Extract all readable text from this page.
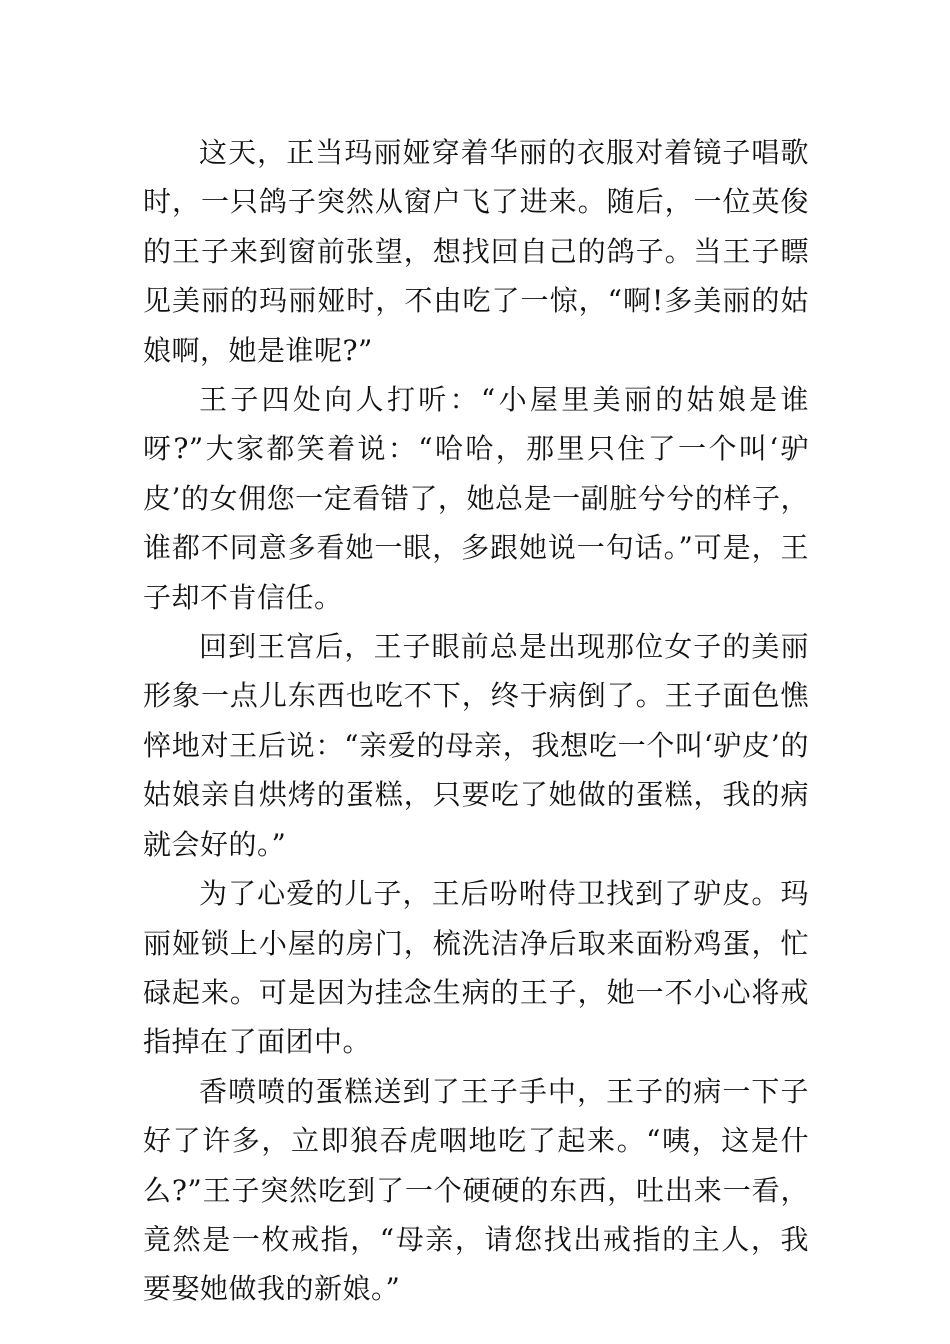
这天，正当玛丽娅穿着华丽的衣服对着镜子唱歌时，一只鸽子突然从窗户飞了进来。随后，一位英俊的王子来到窗前张望，想找回自己的鸽子。当王子瞟见美丽的玛丽娅时，不由吃了一惊，“啊!多美丽的姑娘啊，她是谁呢?”

王子四处向人打听：“小屋里美丽的姑娘是谁呀?”大家都笑着说：“哈哈，那里只住了一个叫‘驴皮’的女佣您一定看错了，她总是一副脏兮兮的样子，谁都不同意多看她一眼，多跟她说一句话。”可是，王子却不肯信任。

回到王宫后，王子眼前总是出现那位女子的美丽形象一点儿东西也吃不下，终于病倒了。王子面色憔悴地对王后说：“亲爱的母亲，我想吃一个叫‘驴皮’的姑娘亲自烘烤的蛋糕，只要吃了她做的蛋糕，我的病就会好的。”

为了心爱的儿子，王后吩咐侍卫找到了驴皮。玛丽娅锁上小屋的房门，梳洗洁净后取来面粉鸡蛋，忙碌起来。可是因为挂念生病的王子，她一不小心将戒指掉在了面团中。

香喷喷的蛋糕送到了王子手中，王子的病一下子好了许多，立即狼吞虎咽地吃了起来。“咦，这是什么?”王子突然吃到了一个硬硬的东西，吐出来一看，竟然是一枚戒指，“母亲，请您找出戒指的主人，我要娶她做我的新娘。”
